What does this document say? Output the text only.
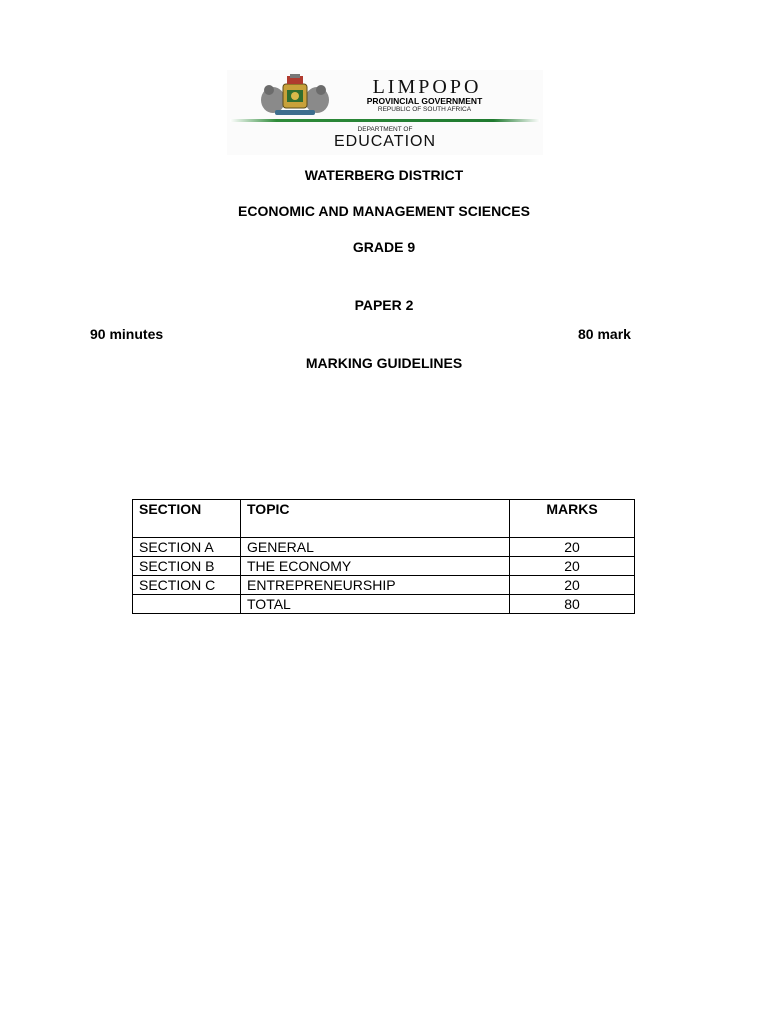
LIMPOPO
PROVINCIAL GOVERNMENT
REPUBLIC OF SOUTH AFRICA
DEPARTMENT OF
EDUCATION
WATERBERG DISTRICT
ECONOMIC AND MANAGEMENT SCIENCES
GRADE 9
PAPER 2
90 minutes	80 mark
MARKING GUIDELINES
SECTION	TOPIC	MARKS
SECTION A	GENERAL	20
SECTION B	THE ECONOMY	20
SECTION C	ENTREPRENEURSHIP	20
	TOTAL	80
